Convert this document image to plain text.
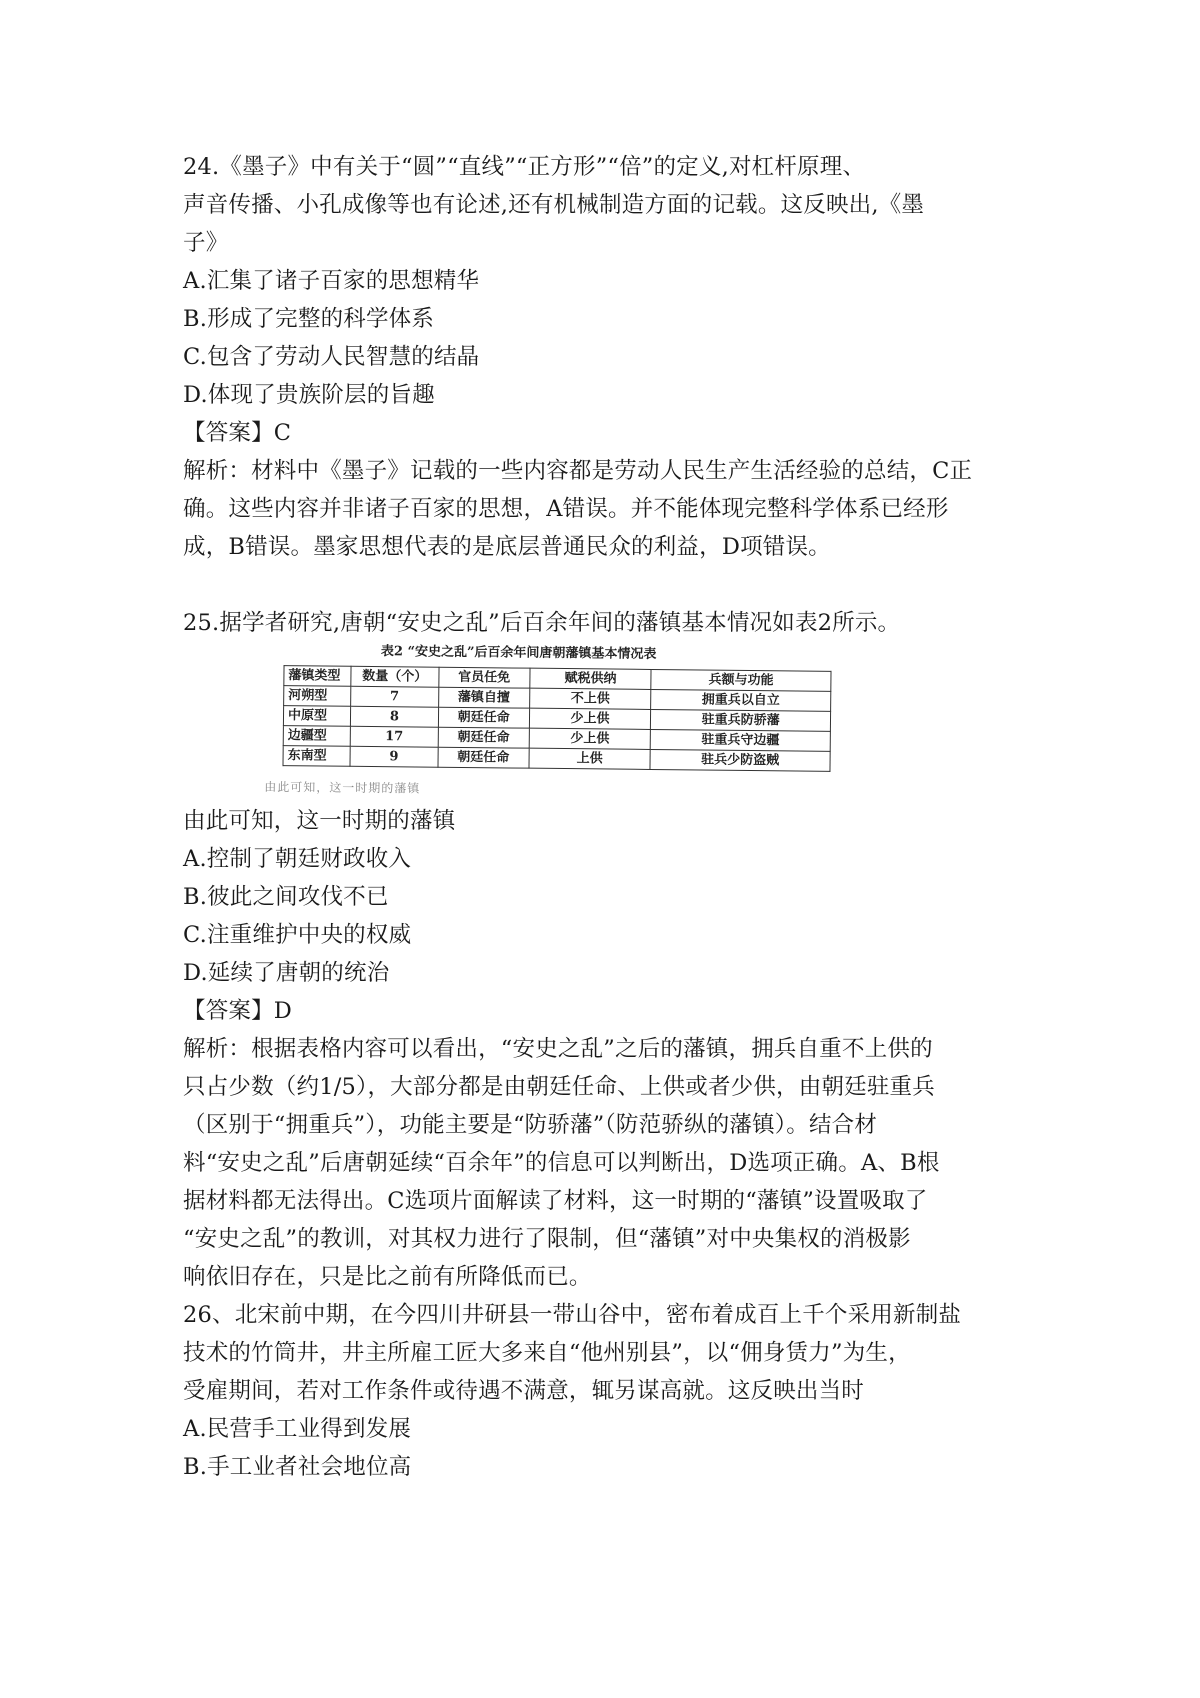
24.《墨子》中有关于“圆”“直线”“正方形”“倍”的定义,对杠杆原理、
声音传播、小孔成像等也有论述,还有机械制造方面的记载。这反映出,《墨
子》
A.汇集了诸子百家的思想精华
B.形成了完整的科学体系
C.包含了劳动人民智慧的结晶
D.体现了贵族阶层的旨趣
【答案】C
解析：材料中《墨子》记载的一些内容都是劳动人民生产生活经验的总结，C正
确。这些内容并非诸子百家的思想，A错误。并不能体现完整科学体系已经形
成，B错误。墨家思想代表的是底层普通民众的利益，D项错误。
25.据学者研究,唐朝“安史之乱”后百余年间的藩镇基本情况如表2所示。
表2 “安史之乱”后百余年间唐朝藩镇基本情况表
藩镇类型	数量（个）	官员任免	赋税供纳	兵额与功能
河朔型	7	藩镇自擅	不上供	拥重兵以自立
中原型	8	朝廷任命	少上供	驻重兵防骄藩
边疆型	17	朝廷任命	少上供	驻重兵守边疆
东南型	9	朝廷任命	上供	驻兵少防盗贼
由此可知，这一时期的藩镇
由此可知，这一时期的藩镇
A.控制了朝廷财政收入
B.彼此之间攻伐不已
C.注重维护中央的权威
D.延续了唐朝的统治
【答案】D
解析：根据表格内容可以看出，“安史之乱”之后的藩镇，拥兵自重不上供的
只占少数（约1/5），大部分都是由朝廷任命、上供或者少供，由朝廷驻重兵
（区别于“拥重兵”），功能主要是“防骄藩”（防范骄纵的藩镇）。结合材
料“安史之乱”后唐朝延续“百余年”的信息可以判断出，D选项正确。A、B根
据材料都无法得出。C选项片面解读了材料，这一时期的“藩镇”设置吸取了
“安史之乱”的教训，对其权力进行了限制，但“藩镇”对中央集权的消极影
响依旧存在，只是比之前有所降低而已。
26、北宋前中期，在今四川井研县一带山谷中，密布着成百上千个采用新制盐
技术的竹筒井，井主所雇工匠大多来自“他州别县”，以“佣身赁力”为生，
受雇期间，若对工作条件或待遇不满意，辄另谋高就。这反映出当时
A.民营手工业得到发展
B.手工业者社会地位高
